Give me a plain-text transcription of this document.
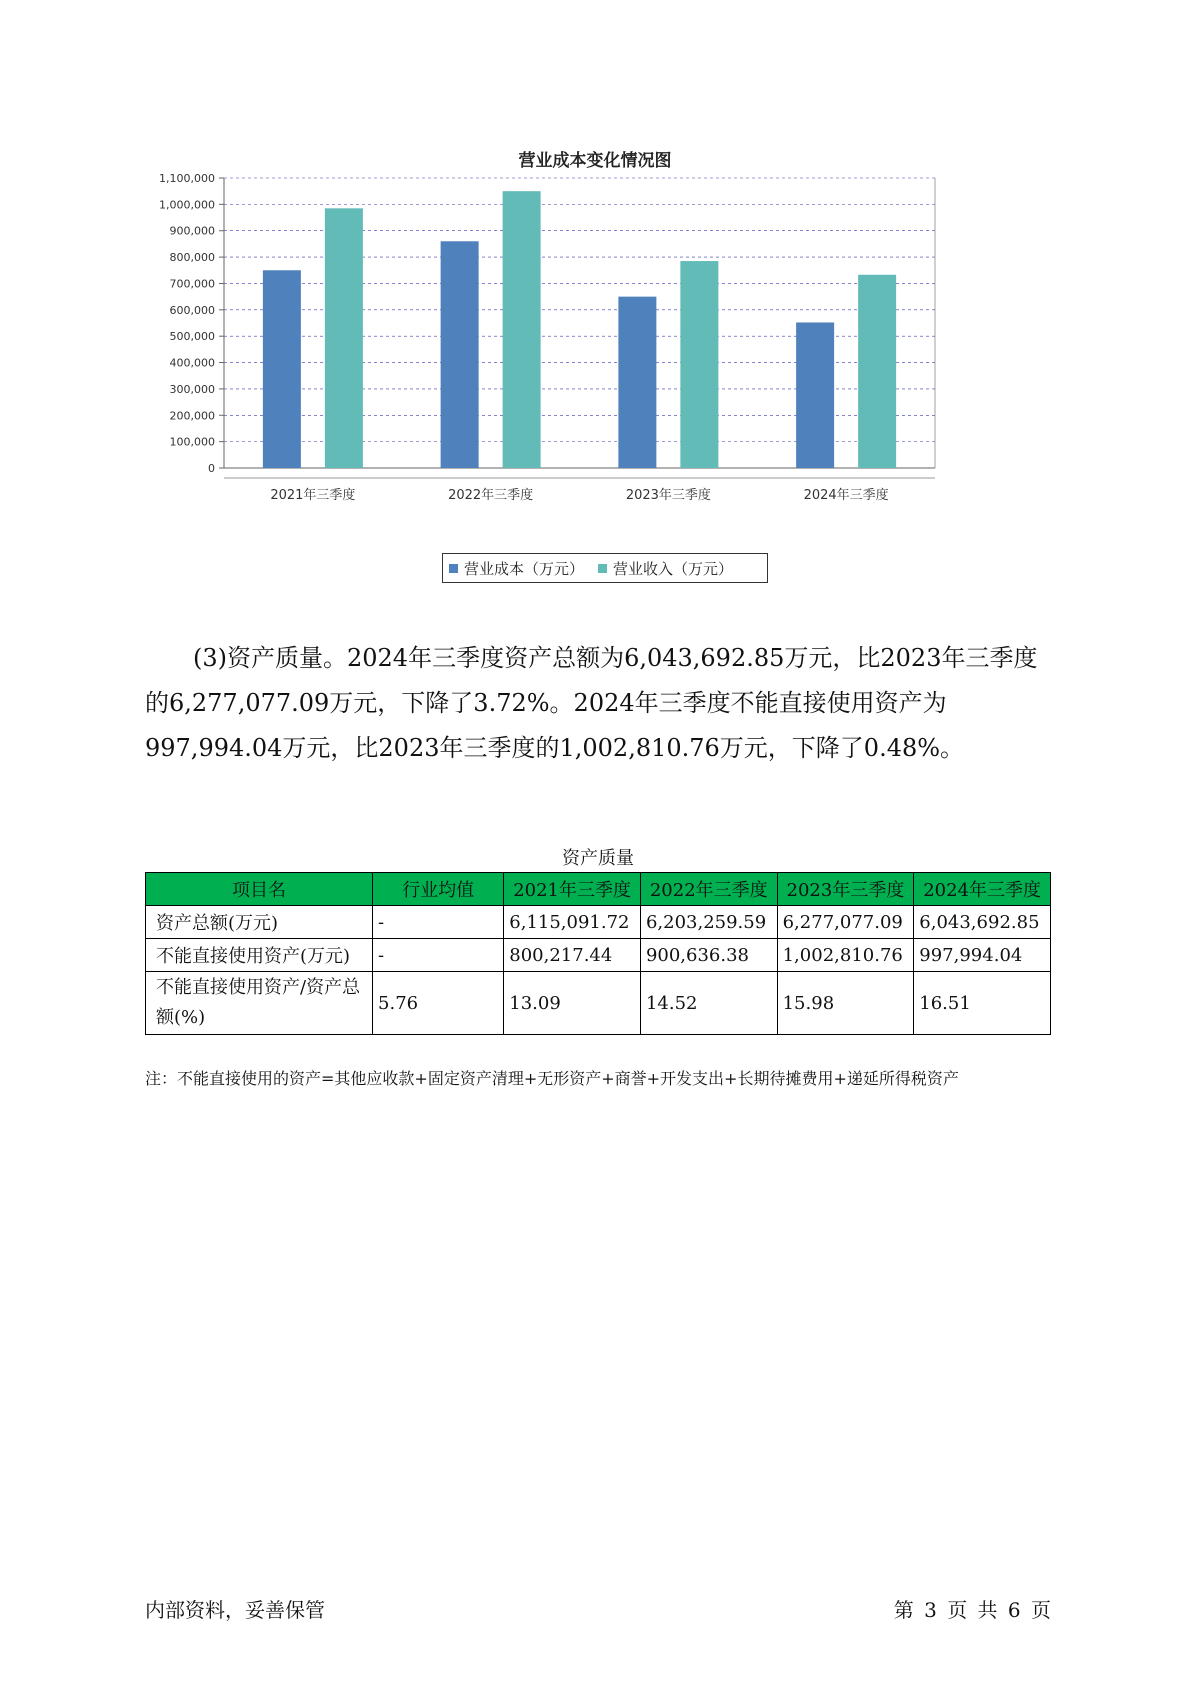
营业成本变化情况图
0
100,000
200,000
300,000
400,000
500,000
600,000
700,000
800,000
900,000
1,000,000
1,100,000
2021年三季度	2022年三季度	2023年三季度	2024年三季度
营业成本（万元） 营业收入（万元）

(3)资产质量。2024年三季度资产总额为6,043,692.85万元，比2023年三季度的6,277,077.09万元，下降了3.72%。2024年三季度不能直接使用资产为997,994.04万元，比2023年三季度的1,002,810.76万元，下降了0.48%。

资产质量
项目名	行业均值	2021年三季度	2022年三季度	2023年三季度	2024年三季度
资产总额(万元)	-	6,115,091.72	6,203,259.59	6,277,077.09	6,043,692.85
不能直接使用资产(万元)	-	800,217.44	900,636.38	1,002,810.76	997,994.04
不能直接使用资产/资产总额(%)	5.76	13.09	14.52	15.98	16.51
注：不能直接使用的资产=其他应收款+固定资产清理+无形资产+商誉+开发支出+长期待摊费用+递延所得税资产
内部资料，妥善保管	第 3 页 共 6 页
